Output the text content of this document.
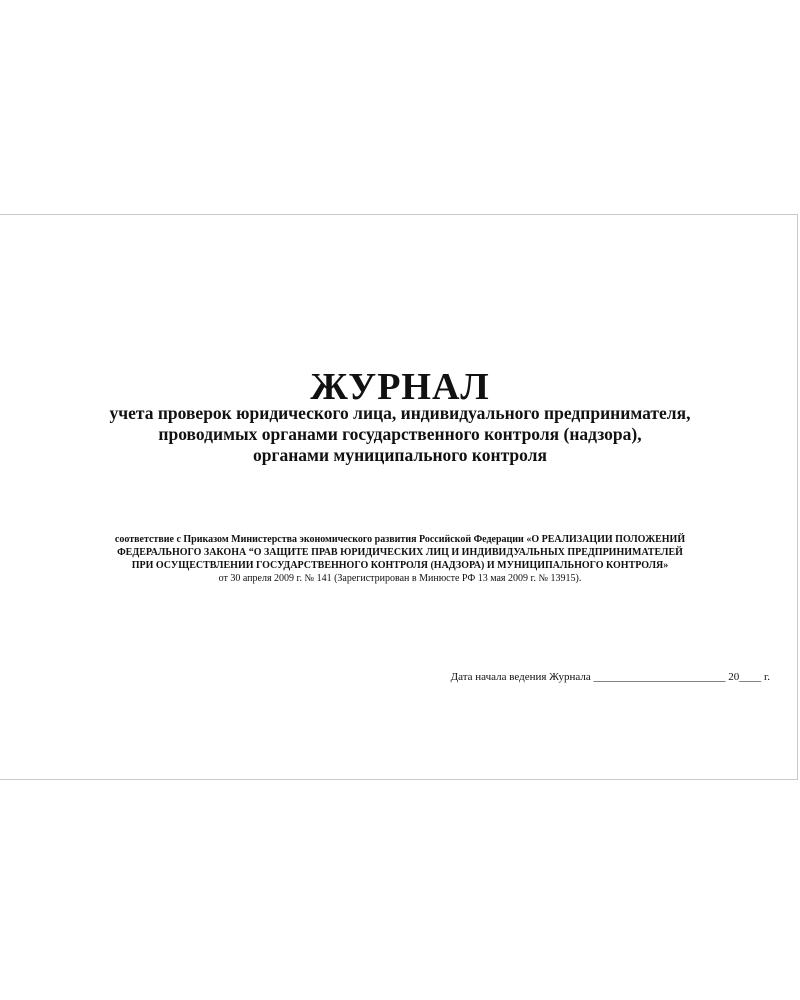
ЖУРНАЛ
учета проверок юридического лица, индивидуального предпринимателя,
проводимых органами государственного контроля (надзора),
органами муниципального контроля
соответствие с Приказом Министерства экономического развития Российской Федерации «О РЕАЛИЗАЦИИ ПОЛОЖЕНИЙ
ФЕДЕРАЛЬНОГО ЗАКОНА “О ЗАЩИТЕ ПРАВ ЮРИДИЧЕСКИХ ЛИЦ И ИНДИВИДУАЛЬНЫХ ПРЕДПРИНИМАТЕЛЕЙ
ПРИ ОСУЩЕСТВЛЕНИИ ГОСУДАРСТВЕННОГО КОНТРОЛЯ (НАДЗОРА) И МУНИЦИПАЛЬНОГО КОНТРОЛЯ»
от 30 апреля 2009 г. № 141 (Зарегистрирован в Минюсте РФ 13 мая 2009 г. № 13915).
Дата начала ведения Журнала ________________________ 20____ г.
